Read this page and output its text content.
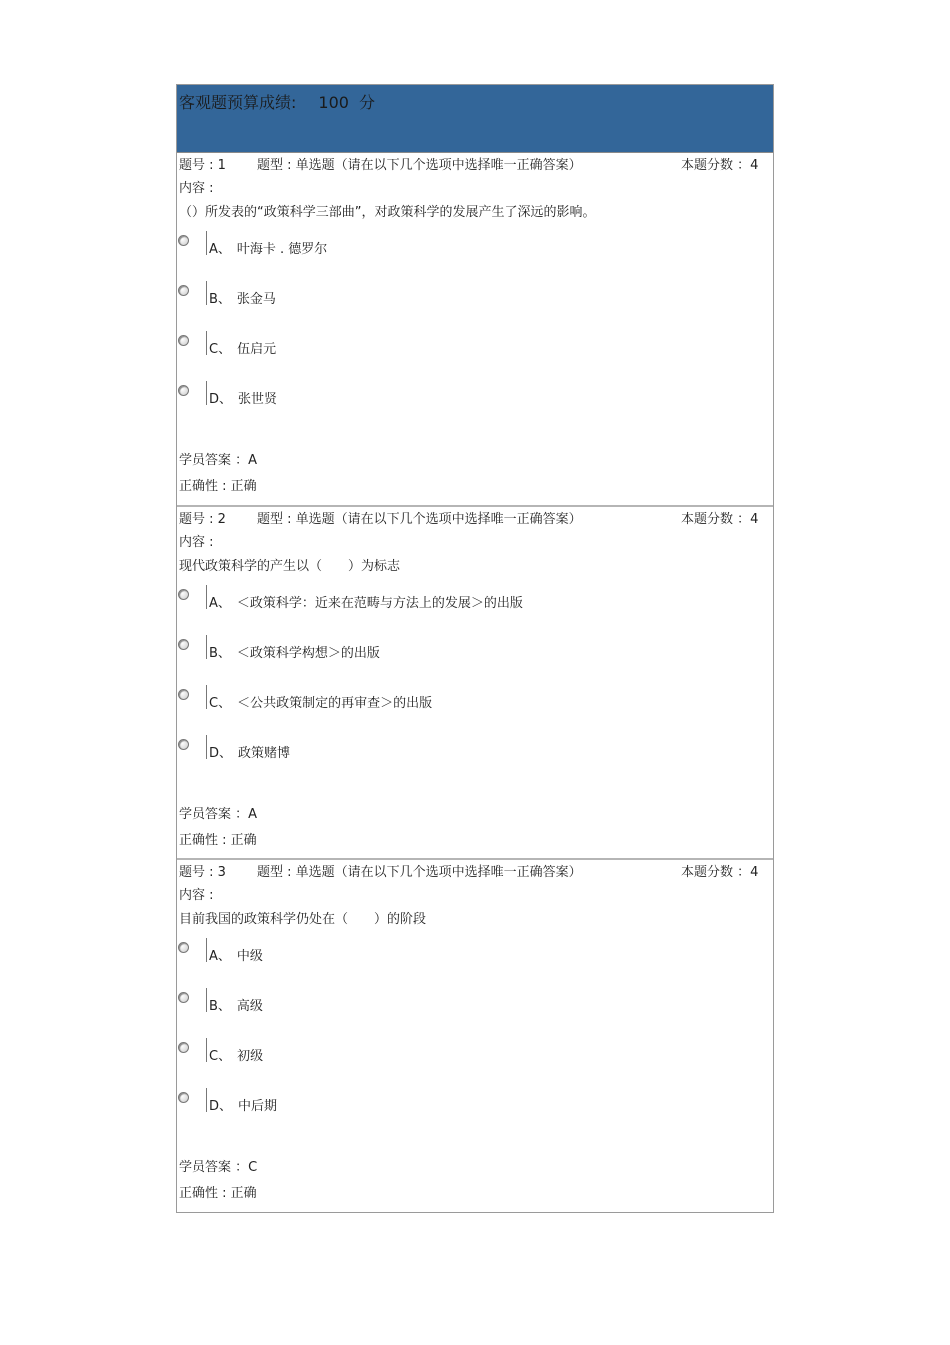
客观题预算成绩: 100 分
题号 : 1 题型 : 单选题（请在以下几个选项中选择唯一正确答案）	本题分数 ：4
内容 :
（）所发表的“政策科学三部曲”，对政策科学的发展产生了深远的影响。
A、 叶海卡 . 德罗尔
B、 张金马
C、 伍启元
D、 张世贤
学员答案 ：A
正确性 : 正确
题号 : 2 题型 : 单选题（请在以下几个选项中选择唯一正确答案）	本题分数 ：4
内容 :
现代政策科学的产生以（　　）为标志
A、 ＜政策科学：近来在范畴与方法上的发展＞的出版
B、 ＜政策科学构想＞的出版
C、 ＜公共政策制定的再审查＞的出版
D、 政策赌博
学员答案 ：A
正确性 : 正确
题号 : 3 题型 : 单选题（请在以下几个选项中选择唯一正确答案）	本题分数 ：4
内容 :
目前我国的政策科学仍处在（　　）的阶段
A、 中级
B、 高级
C、 初级
D、 中后期
学员答案 ：C
正确性 : 正确
